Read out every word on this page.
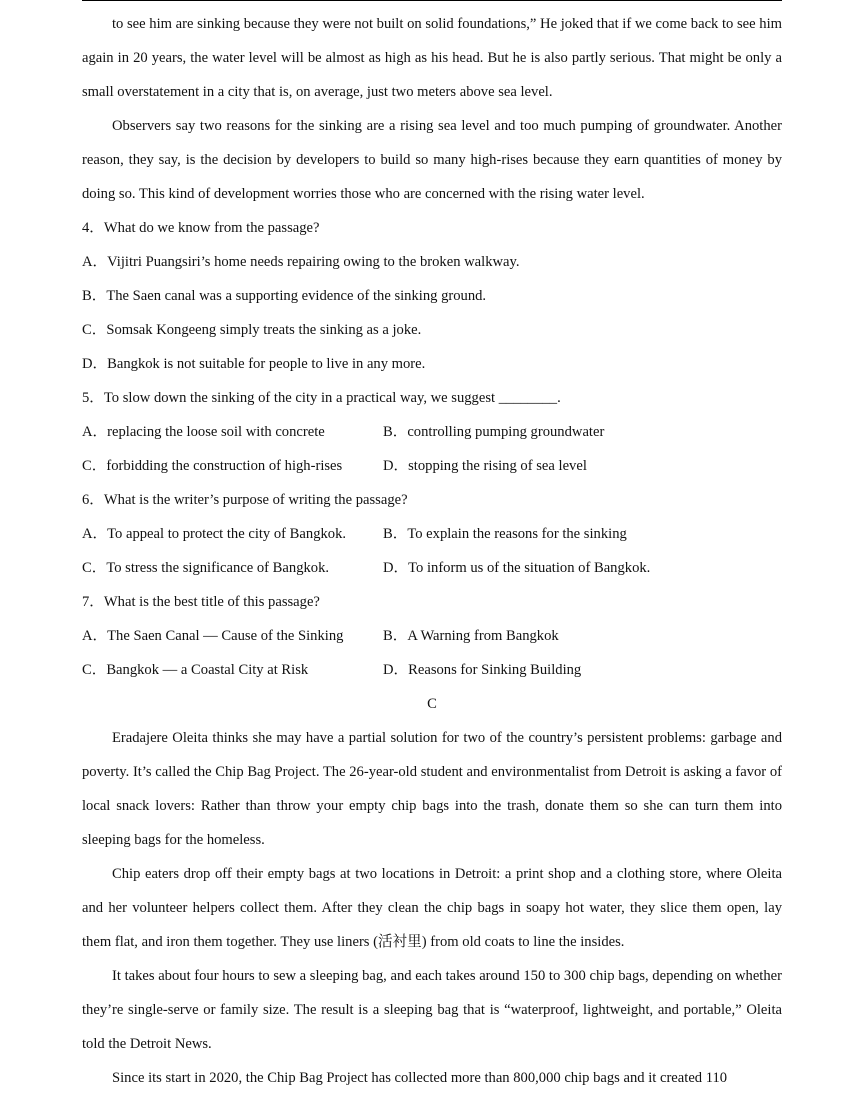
to see him are sinking because they were not built on solid foundations,” He joked that if we come back to see him again in 20 years, the water level will be almost as high as his head. But he is also partly serious. That might be only a small overstatement in a city that is, on average, just two meters above sea level.

Observers say two reasons for the sinking are a rising sea level and too much pumping of groundwater. Another reason, they say, is the decision by developers to build so many high-rises because they earn quantities of money by doing so. This kind of development worries those who are concerned with the rising water level.

4．What do we know from the passage?

A．Vijitri Puangsiri’s home needs repairing owing to the broken walkway.

B．The Saen canal was a supporting evidence of the sinking ground.

C．Somsak Kongeeng simply treats the sinking as a joke.

D．Bangkok is not suitable for people to live in any more.

5．To slow down the sinking of the city in a practical way, we suggest ________.

A．replacing the loose soil with concrete	B．controlling pumping groundwater
C．forbidding the construction of high-rises	D．stopping the rising of sea level

6．What is the writer’s purpose of writing the passage?

A．To appeal to protect the city of Bangkok.	B．To explain the reasons for the sinking
C．To stress the significance of Bangkok.	D．To inform us of the situation of Bangkok.

7．What is the best title of this passage?

A．The Saen Canal — Cause of the Sinking	B．A Warning from Bangkok
C．Bangkok — a Coastal City at Risk	D．Reasons for Sinking Building

C

Eradajere Oleita thinks she may have a partial solution for two of the country’s persistent problems: garbage and poverty. It’s called the Chip Bag Project. The 26-year-old student and environmentalist from Detroit is asking a favor of local snack lovers: Rather than throw your empty chip bags into the trash, donate them so she can turn them into sleeping bags for the homeless.

Chip eaters drop off their empty bags at two locations in Detroit: a print shop and a clothing store, where Oleita and her volunteer helpers collect them. After they clean the chip bags in soapy hot water, they slice them open, lay them flat, and iron them together. They use liners (活衬里) from old coats to line the insides.

It takes about four hours to sew a sleeping bag, and each takes around 150 to 300 chip bags, depending on whether they’re single-serve or family size. The result is a sleeping bag that is “waterproof, lightweight, and portable,” Oleita told the Detroit News.

Since its start in 2020, the Chip Bag Project has collected more than 800,000 chip bags and it created 110
